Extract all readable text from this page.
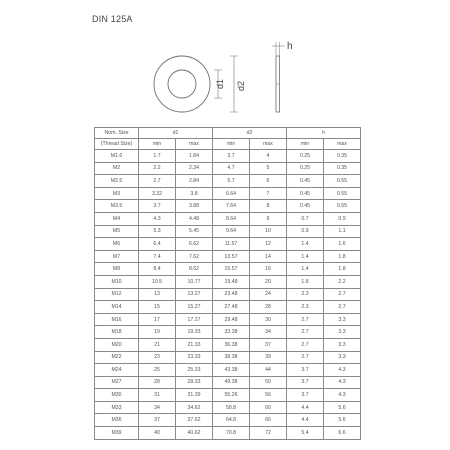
DIN 125A
d1 d2
h
Nom. Size	d1		d2		h	
(Thread Size)	min	max	min	max	min	max
M1.6	1.7	1.84	3.7	4	0.25	0.35
M2	2.2	2.34	4.7	5	0.25	0.35
M2.5	2.7	2.84	5.7	6	0.45	0.55
M3	3.32	3.8	6.64	7	0.45	0.55
M3.5	3.7	3.88	7.64	8	0.45	0.55
M4	4.3	4.48	8.64	9	0.7	0.9
M5	5.3	5.45	9.64	10	0.9	1.1
M6	6.4	6.62	11.57	12	1.4	1.6
M7	7.4	7.62	13.57	14	1.4	1.8
M8	8.4	8.62	15.57	16	1.4	1.8
M10	10.5	10.77	19.48	20	1.8	2.2
M12	13	13.27	23.48	24	2.3	2.7
M14	15	15.27	27.48	28	2.3	2.7
M16	17	17.27	29.48	30	2.7	3.3
M18	19	19.33	33.38	34	2.7	3.3
M20	21	21.33	36.38	37	2.7	3.3
M22	23	23.33	38.38	39	2.7	3.3
M24	25	25.33	43.38	44	3.7	4.3
M27	28	28.33	49.38	50	3.7	4.3
M30	31	31.39	55.26	56	3.7	4.3
M33	34	34.62	58.8	60	4.4	5.6
M36	37	37.62	64.8	66	4.4	5.6
M39	40	40.62	70.8	72	5.4	6.6
